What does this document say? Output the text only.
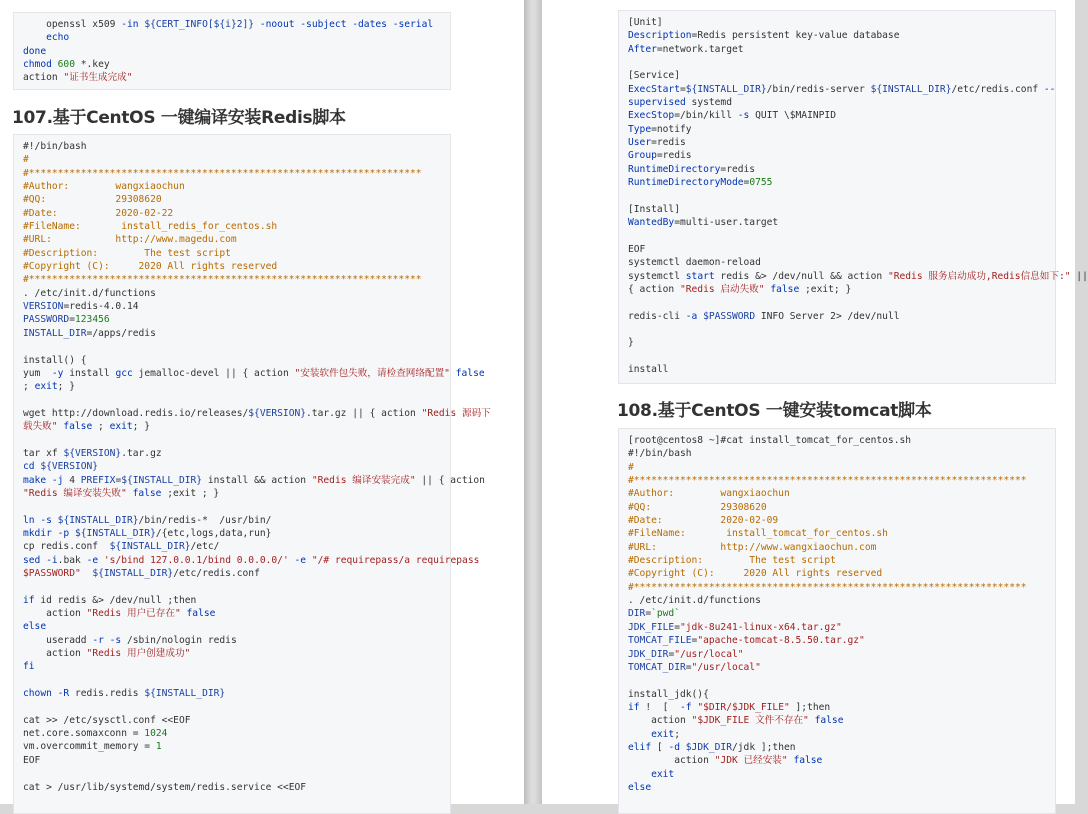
openssl x509 -in ${CERT_INFO[${i}2]} -noout -subject -dates -serial
echo
done
chmod 600 *.key
action "证书生成完成"
107.基于CentOS 一键编译安装Redis脚本
#!/bin/bash
#
#********************************************************************
#Author:        wangxiaochun
#QQ:            29308620
#Date:          2020-02-22
#FileName:       install_redis_for_centos.sh
#URL:           http://www.magedu.com
#Description:        The test script
#Copyright (C):     2020 All rights reserved
#********************************************************************
. /etc/init.d/functions
VERSION=redis-4.0.14
PASSWORD=123456
INSTALL_DIR=/apps/redis
install() {
yum  -y install gcc jemalloc-devel || { action "安装软件包失败，请检查网络配置" false
; exit; }
wget http://download.redis.io/releases/${VERSION}.tar.gz || { action "Redis 源码下
载失败" false ; exit; }
tar xf ${VERSION}.tar.gz
cd ${VERSION}
make -j 4 PREFIX=${INSTALL_DIR} install && action "Redis 编译安装完成" || { action
"Redis 编译安装失败" false ;exit ; }
ln -s ${INSTALL_DIR}/bin/redis-*  /usr/bin/
mkdir -p ${INSTALL_DIR}/{etc,logs,data,run}
cp redis.conf  ${INSTALL_DIR}/etc/
sed -i.bak -e 's/bind 127.0.0.1/bind 0.0.0.0/' -e "/# requirepass/a requirepass
$PASSWORD" ${INSTALL_DIR}/etc/redis.conf
if id redis &> /dev/null ;then
action "Redis 用户已存在" false
else
useradd -r -s /sbin/nologin redis
action "Redis 用户创建成功"
fi
chown -R redis.redis ${INSTALL_DIR}
cat >> /etc/sysctl.conf <<EOF
net.core.somaxconn = 1024
vm.overcommit_memory = 1
EOF
cat > /usr/lib/systemd/system/redis.service <<EOF
[Unit]
Description=Redis persistent key-value database
After=network.target
[Service]
ExecStart=${INSTALL_DIR}/bin/redis-server ${INSTALL_DIR}/etc/redis.conf --
supervised systemd
ExecStop=/bin/kill -s QUIT \$MAINPID
Type=notify
User=redis
Group=redis
RuntimeDirectory=redis
RuntimeDirectoryMode=0755
[Install]
WantedBy=multi-user.target
EOF
systemctl daemon-reload
systemctl start redis &> /dev/null && action "Redis 服务启动成功,Redis信息如下:" ||
{ action "Redis 启动失败" false ;exit; }
redis-cli -a $PASSWORD INFO Server 2> /dev/null
}
install
108.基于CentOS 一键安装tomcat脚本
[root@centos8 ~]#cat install_tomcat_for_centos.sh
#!/bin/bash
#
#********************************************************************
#Author:        wangxiaochun
#QQ:            29308620
#Date:          2020-02-09
#FileName:       install_tomcat_for_centos.sh
#URL:           http://www.wangxiaochun.com
#Description:        The test script
#Copyright (C):     2020 All rights reserved
#********************************************************************
. /etc/init.d/functions
DIR=`pwd`
JDK_FILE="jdk-8u241-linux-x64.tar.gz"
TOMCAT_FILE="apache-tomcat-8.5.50.tar.gz"
JDK_DIR="/usr/local"
TOMCAT_DIR="/usr/local"
install_jdk(){
if !  [  -f "$DIR/$JDK_FILE" ];then
action "$JDK_FILE 文件不存在" false
exit;
elif [ -d $JDK_DIR/jdk ];then
action "JDK 已经安装" false
exit
else
